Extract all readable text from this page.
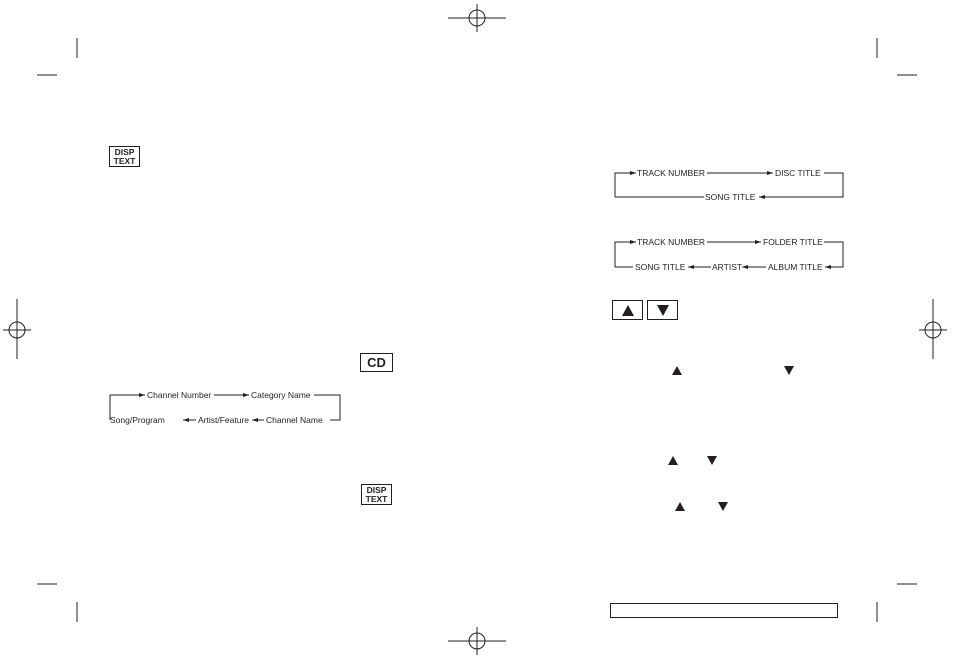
DISP
TEXT
CD
DISP
TEXT
Channel Number	Category Name
Channel Name
Artist/Feature
Song/Program
TRACK NUMBER	DISC TITLE
SONG TITLE
TRACK NUMBER	FOLDER TITLE
ALBUM TITLE
ARTIST
SONG TITLE
